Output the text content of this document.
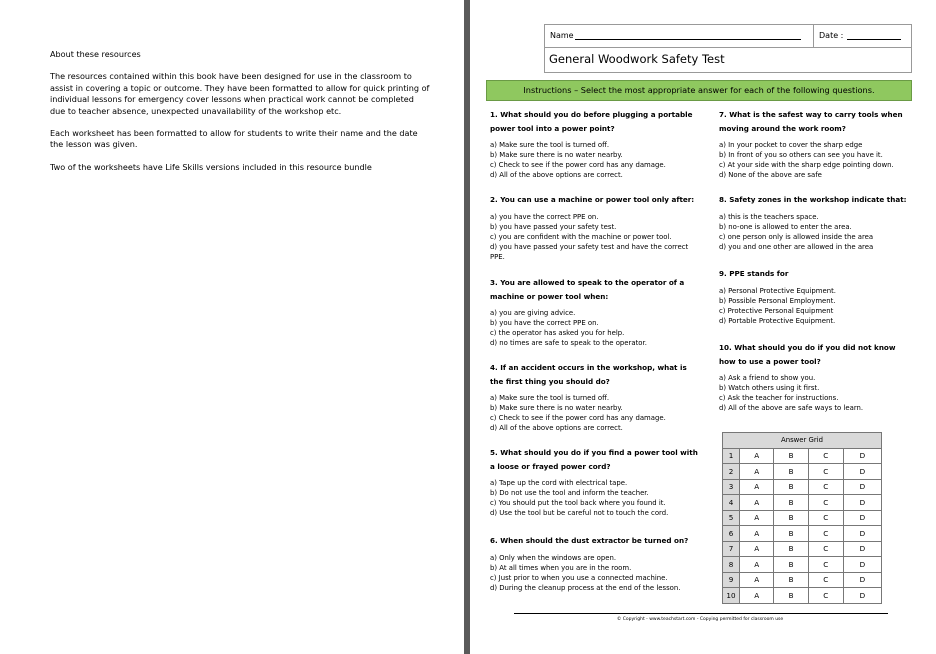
About these resources

The resources contained within this book have been designed for use in the classroom to assist in covering a topic or outcome. They have been formatted to allow for quick printing of individual lessons for emergency cover lessons when practical work cannot be completed due to teacher absence, unexpected unavailability of the workshop etc.

Each worksheet has been formatted to allow for students to write their name and the date the lesson was given.

Two of the worksheets have Life Skills versions included in this resource bundle

Name	Date :
General Woodwork Safety Test
Instructions – Select the most appropriate answer for each of the following questions.
1. What should you do before plugging a portable power tool into a power point?
a) Make sure the tool is turned off.
b) Make sure there is no water nearby.
c) Check to see if the power cord has any damage.
d) All of the above options are correct.
2. You can use a machine or power tool only after:
a) you have the correct PPE on.
b) you have passed your safety test.
c) you are confident with the machine or power tool.
d) you have passed your safety test and have the correct PPE.
3. You are allowed to speak to the operator of a machine or power tool when:
a) you are giving advice.
b) you have the correct PPE on.
c) the operator has asked you for help.
d) no times are safe to speak to the operator.
4. If an accident occurs in the workshop, what is the first thing you should do?
a) Make sure the tool is turned off.
b) Make sure there is no water nearby.
c) Check to see if the power cord has any damage.
d) All of the above options are correct.
5. What should you do if you find a power tool with a loose or frayed power cord?
a) Tape up the cord with electrical tape.
b) Do not use the tool and inform the teacher.
c) You should put the tool back where you found it.
d) Use the tool but be careful not to touch the cord.
6. When should the dust extractor be turned on?
a) Only when the windows are open.
b) At all times when you are in the room.
c) Just prior to when you use a connected machine.
d) During the cleanup process at the end of the lesson.
7. What is the safest way to carry tools when moving around the work room?
a) In your pocket to cover the sharp edge
b) In front of you so others can see you have it.
c) At your side with the sharp edge pointing down.
d) None of the above are safe
8. Safety zones in the workshop indicate that:
a) this is the teachers space.
b) no-one is allowed to enter the area.
c) one person only is allowed inside the area
d) you and one other are allowed in the area
9. PPE stands for
a) Personal Protective Equipment.
b) Possible Personal Employment.
c) Protective Personal Equipment
d) Portable Protective Equipment.
10. What should you do if you did not know how to use a power tool?
a) Ask a friend to show you.
b) Watch others using it first.
c) Ask the teacher for instructions.
d) All of the above are safe ways to learn.
Answer Grid				
1	A	B	C	D
2	A	B	C	D
3	A	B	C	D
4	A	B	C	D
5	A	B	C	D
6	A	B	C	D
7	A	B	C	D
8	A	B	C	D
9	A	B	C	D
10	A	B	C	D
© Copyright - www.teachstart.com - Copying permitted for classroom use
